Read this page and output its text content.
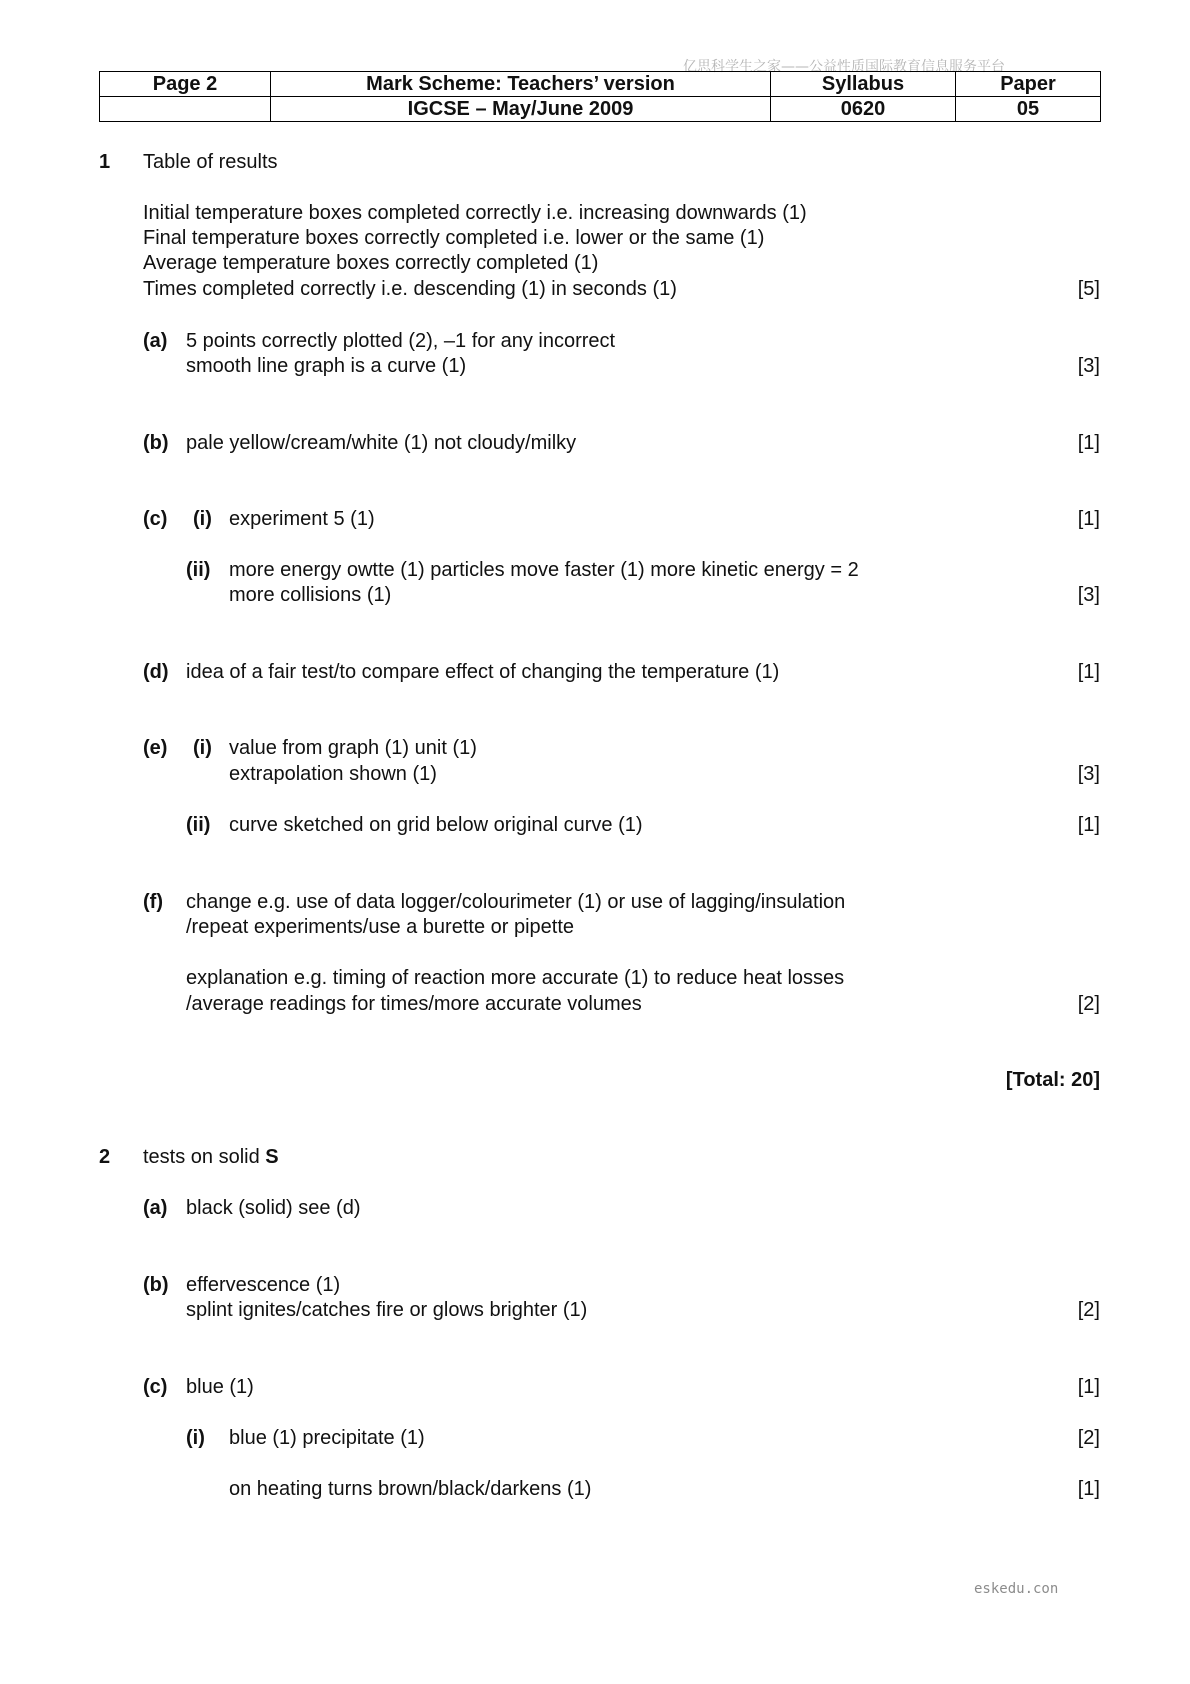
亿思科学生之家——公益性质国际教育信息服务平台
Page 2	Mark Scheme: Teachers’ version	Syllabus	Paper
	IGCSE – May/June 2009	0620	05
1 Table of results
Initial temperature boxes completed correctly i.e. increasing downwards (1)
Final temperature boxes correctly completed i.e. lower or the same (1)
Average temperature boxes correctly completed (1)
Times completed correctly i.e. descending (1) in seconds (1)	[5]
(a) 5 points correctly plotted (2), –1 for any incorrect
smooth line graph is a curve (1)	[3]
(b) pale yellow/cream/white (1) not cloudy/milky	[1]
(c) (i) experiment 5 (1)	[1]
(ii) more energy owtte (1) particles move faster (1) more kinetic energy = 2
more collisions (1)	[3]
(d) idea of a fair test/to compare effect of changing the temperature (1)	[1]
(e) (i) value from graph (1) unit (1)
extrapolation shown (1)	[3]
(ii) curve sketched on grid below original curve (1)	[1]
(f) change e.g. use of data logger/colourimeter (1) or use of lagging/insulation
/repeat experiments/use a burette or pipette
explanation e.g. timing of reaction more accurate (1) to reduce heat losses
/average readings for times/more accurate volumes	[2]
[Total: 20]
2 tests on solid S
(a) black (solid) see (d)
(b) effervescence (1)
splint ignites/catches fire or glows brighter (1)	[2]
(c) blue (1)	[1]
(i) blue (1) precipitate (1)	[2]
on heating turns brown/black/darkens (1)	[1]
eskedu.con
